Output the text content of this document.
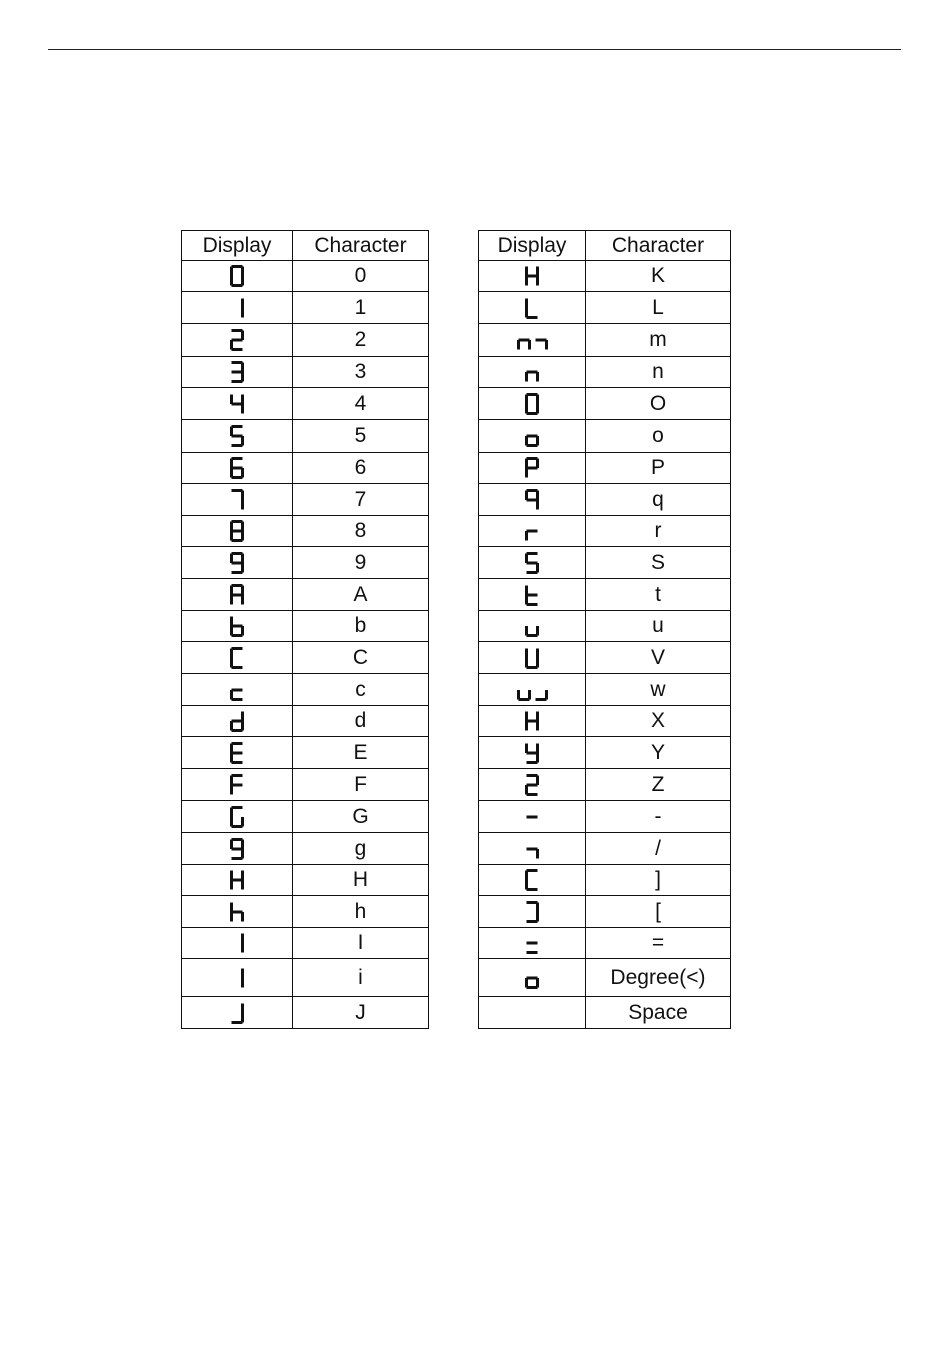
Display	Character
	0
	1
	2
	3
	4
	5
	6
	7
	8
	9
	A
	b
	C
	c
	d
	E
	F
	G
	g
	H
	h
	I
	i
	J
Display	Character
	K
	L
	m
	n
	O
	o
	P
	q
	r
	S
	t
	u
	V
	w
	X
	Y
	Z
	-
	/
	]
	[
	=
	Degree(<)
	Space
